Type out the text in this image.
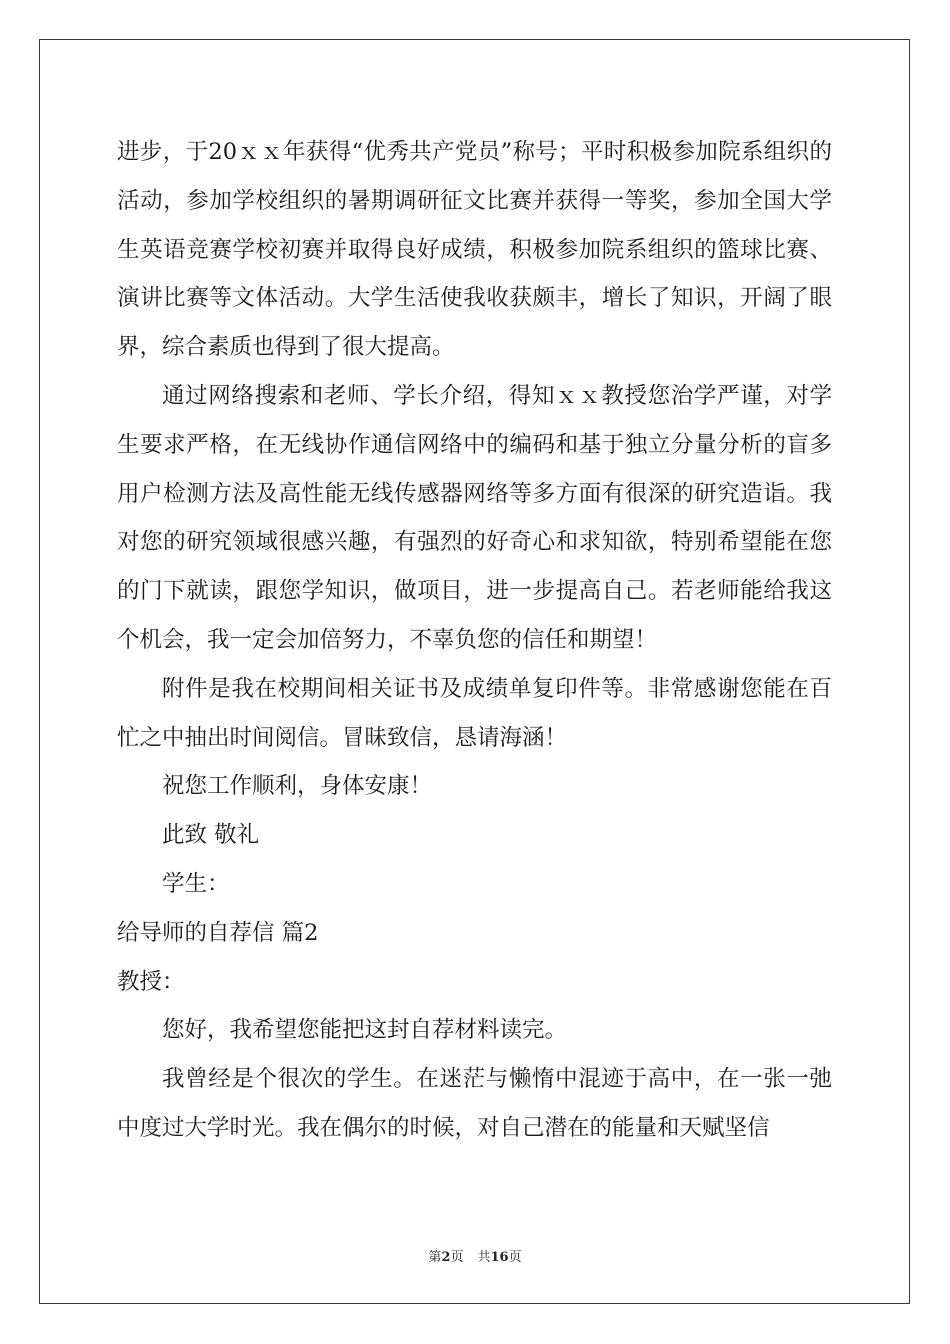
进步，于20ｘｘ年获得“优秀共产党员”称号；平时积极参加院系组织的活动，参加学校组织的暑期调研征文比赛并获得一等奖，参加全国大学生英语竞赛学校初赛并取得良好成绩，积极参加院系组织的篮球比赛、演讲比赛等文体活动。大学生活使我收获颇丰，增长了知识，开阔了眼界，综合素质也得到了很大提高。

通过网络搜索和老师、学长介绍，得知ｘｘ教授您治学严谨，对学生要求严格，在无线协作通信网络中的编码和基于独立分量分析的盲多用户检测方法及高性能无线传感器网络等多方面有很深的研究造诣。我对您的研究领域很感兴趣，有强烈的好奇心和求知欲，特别希望能在您的门下就读，跟您学知识，做项目，进一步提高自己。若老师能给我这个机会，我一定会加倍努力，不辜负您的信任和期望！

附件是我在校期间相关证书及成绩单复印件等。非常感谢您能在百忙之中抽出时间阅信。冒昧致信，恳请海涵！

祝您工作顺利，身体安康！

此致 敬礼

学生：

给导师的自荐信 篇2

教授：

您好，我希望您能把这封自荐材料读完。

我曾经是个很次的学生。在迷茫与懒惰中混迹于高中，在一张一弛中度过大学时光。我在偶尔的时候，对自己潜在的能量和天赋坚信

第2页 共16页
